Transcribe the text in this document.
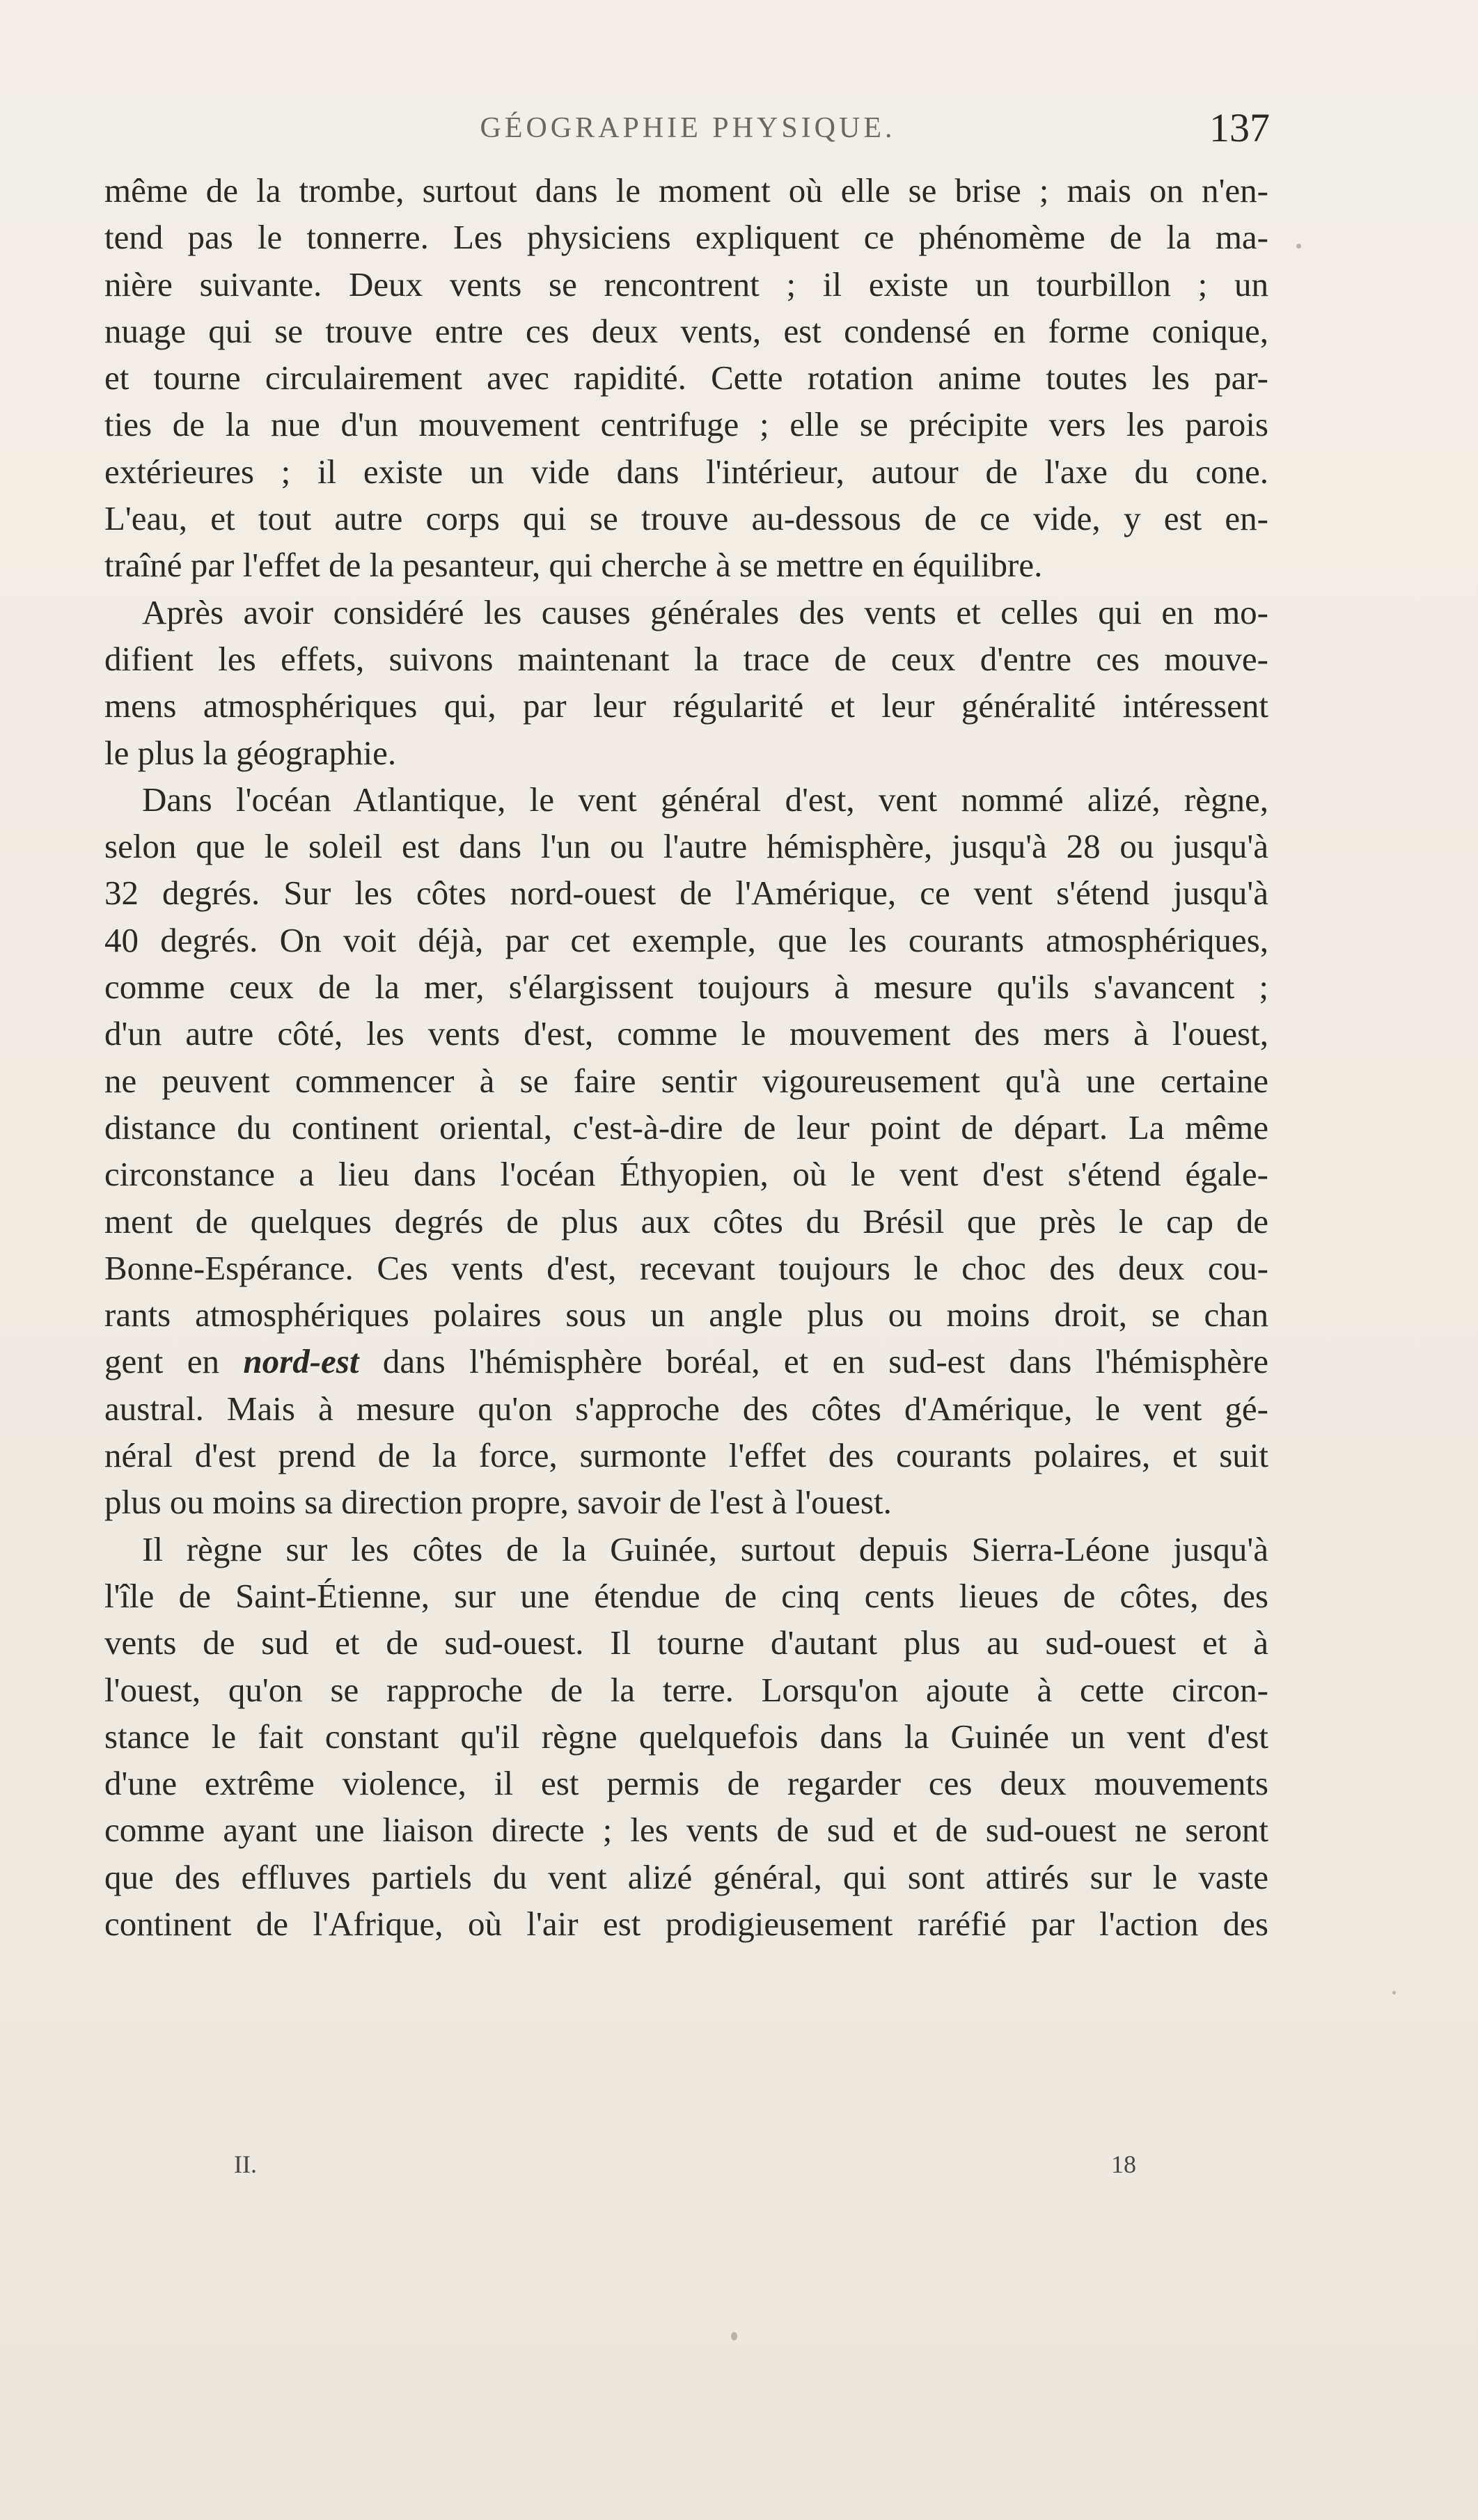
GÉOGRAPHIE PHYSIQUE.	137
même de la trombe, surtout dans le moment où elle se brise ; mais on n'en-
tend pas le tonnerre. Les physiciens expliquent ce phénomème de la ma-
nière suivante. Deux vents se rencontrent ; il existe un tourbillon ; un
nuage qui se trouve entre ces deux vents, est condensé en forme conique,
et tourne circulairement avec rapidité. Cette rotation anime toutes les par-
ties de la nue d'un mouvement centrifuge ; elle se précipite vers les parois
extérieures ; il existe un vide dans l'intérieur, autour de l'axe du cone.
L'eau, et tout autre corps qui se trouve au-dessous de ce vide, y est en-
traîné par l'effet de la pesanteur, qui cherche à se mettre en équilibre.
Après avoir considéré les causes générales des vents et celles qui en mo-
difient les effets, suivons maintenant la trace de ceux d'entre ces mouve-
mens atmosphériques qui, par leur régularité et leur généralité intéressent
le plus la géographie.
Dans l'océan Atlantique, le vent général d'est, vent nommé alizé, règne,
selon que le soleil est dans l'un ou l'autre hémisphère, jusqu'à 28 ou jusqu'à
32 degrés. Sur les côtes nord-ouest de l'Amérique, ce vent s'étend jusqu'à
40 degrés. On voit déjà, par cet exemple, que les courants atmosphériques,
comme ceux de la mer, s'élargissent toujours à mesure qu'ils s'avancent ;
d'un autre côté, les vents d'est, comme le mouvement des mers à l'ouest,
ne peuvent commencer à se faire sentir vigoureusement qu'à une certaine
distance du continent oriental, c'est-à-dire de leur point de départ. La même
circonstance a lieu dans l'océan Éthyopien, où le vent d'est s'étend égale-
ment de quelques degrés de plus aux côtes du Brésil que près le cap de
Bonne-Espérance. Ces vents d'est, recevant toujours le choc des deux cou-
rants atmosphériques polaires sous un angle plus ou moins droit, se chan
gent en nord-est dans l'hémisphère boréal, et en sud-est dans l'hémisphère
austral. Mais à mesure qu'on s'approche des côtes d'Amérique, le vent gé-
néral d'est prend de la force, surmonte l'effet des courants polaires, et suit
plus ou moins sa direction propre, savoir de l'est à l'ouest.
Il règne sur les côtes de la Guinée, surtout depuis Sierra-Léone jusqu'à
l'île de Saint-Étienne, sur une étendue de cinq cents lieues de côtes, des
vents de sud et de sud-ouest. Il tourne d'autant plus au sud-ouest et à
l'ouest, qu'on se rapproche de la terre. Lorsqu'on ajoute à cette circon-
stance le fait constant qu'il règne quelquefois dans la Guinée un vent d'est
d'une extrême violence, il est permis de regarder ces deux mouvements
comme ayant une liaison directe ; les vents de sud et de sud-ouest ne seront
que des effluves partiels du vent alizé général, qui sont attirés sur le vaste
continent de l'Afrique, où l'air est prodigieusement raréfié par l'action des
II.	18
